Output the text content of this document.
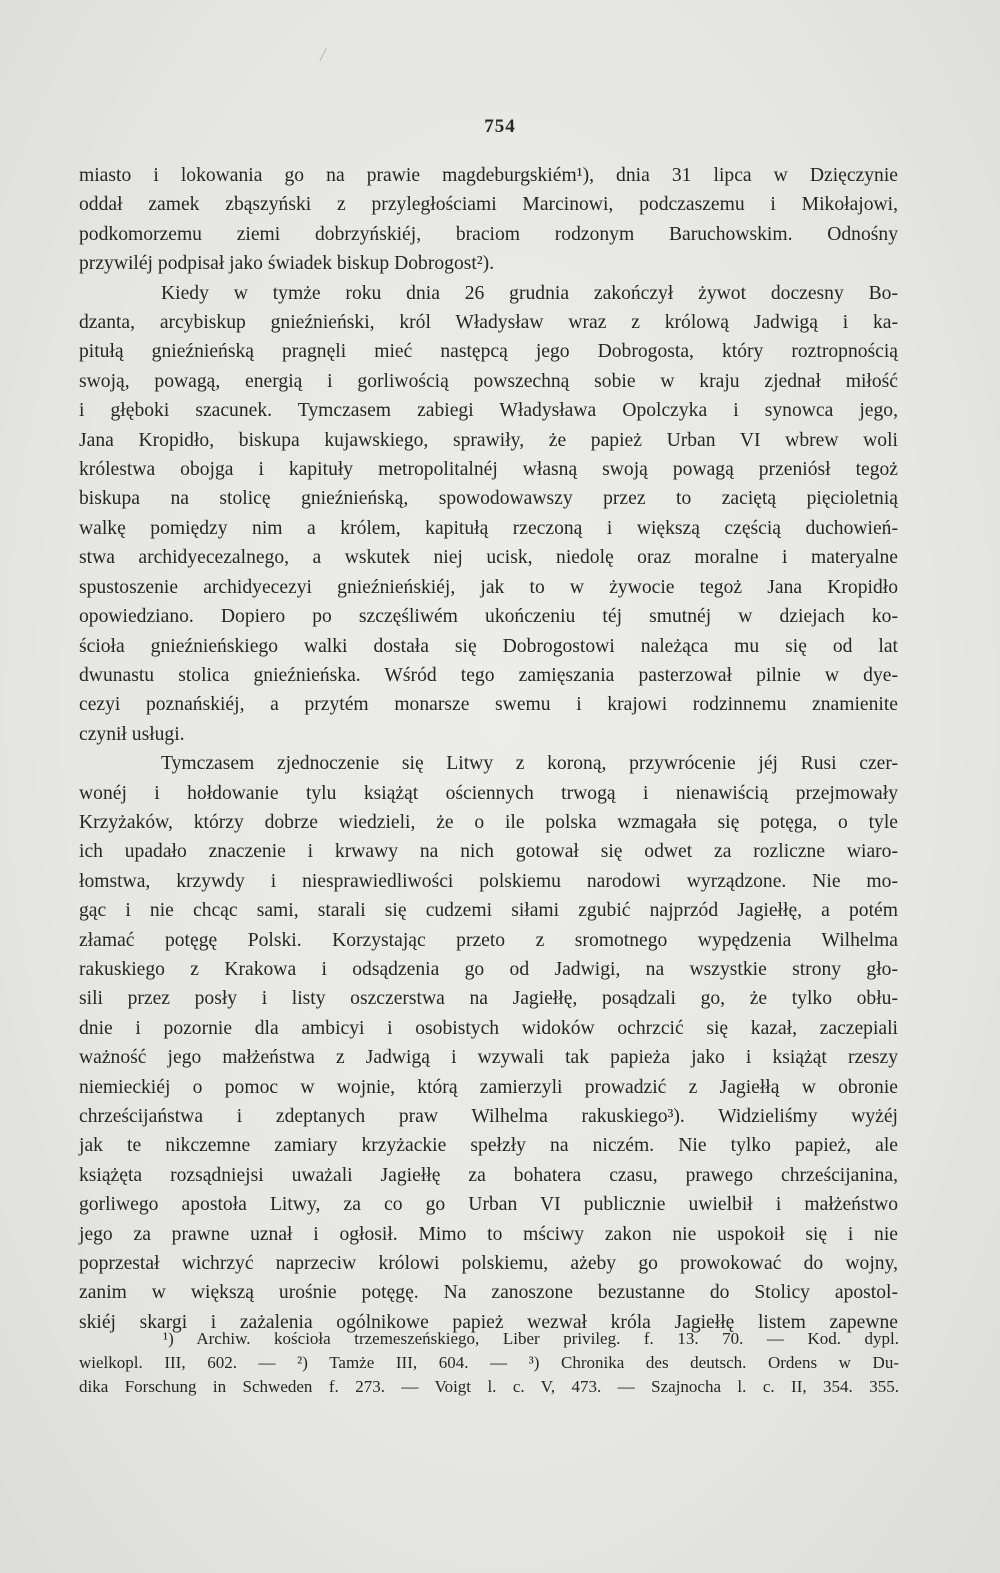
754
miasto i lokowania go na prawie magdeburgskiém¹), dnia 31 lipca w Dzięczynie
oddał zamek zbąszyński z przyległościami Marcinowi, podczaszemu i Mikołajowi,
podkomorzemu ziemi dobrzyńskiéj, braciom rodzonym Baruchowskim. Odnośny
przywiléj podpisał jako świadek biskup Dobrogost²).
Kiedy w tymże roku dnia 26 grudnia zakończył żywot doczesny Bo-
dzanta, arcybiskup gnieźnieński, król Władysław wraz z królową Jadwigą i ka-
pitułą gnieźnieńską pragnęli mieć następcą jego Dobrogosta, który roztropnością
swoją, powagą, energią i gorliwością powszechną sobie w kraju zjednał miłość
i głęboki szacunek. Tymczasem zabiegi Władysława Opolczyka i synowca jego,
Jana Kropidło, biskupa kujawskiego, sprawiły, że papież Urban VI wbrew woli
królestwa obojga i kapituły metropolitalnéj własną swoją powagą przeniósł tegoż
biskupa na stolicę gnieźnieńską, spowodowawszy przez to zaciętą pięcioletnią
walkę pomiędzy nim a królem, kapitułą rzeczoną i większą częścią duchowień-
stwa archidyecezalnego, a wskutek niej ucisk, niedolę oraz moralne i materyalne
spustoszenie archidyecezyi gnieźnieńskiéj, jak to w żywocie tegoż Jana Kropidło
opowiedziano. Dopiero po szczęśliwém ukończeniu téj smutnéj w dziejach ko-
ścioła gnieźnieńskiego walki dostała się Dobrogostowi należąca mu się od lat
dwunastu stolica gnieźnieńska. Wśród tego zamięszania pasterzował pilnie w dye-
cezyi poznańskiéj, a przytém monarsze swemu i krajowi rodzinnemu znamienite
czynił usługi.
Tymczasem zjednoczenie się Litwy z koroną, przywrócenie jéj Rusi czer-
wonéj i hołdowanie tylu książąt ościennych trwogą i nienawiścią przejmowały
Krzyżaków, którzy dobrze wiedzieli, że o ile polska wzmagała się potęga, o tyle
ich upadało znaczenie i krwawy na nich gotował się odwet za rozliczne wiaro-
łomstwa, krzywdy i niesprawiedliwości polskiemu narodowi wyrządzone. Nie mo-
gąc i nie chcąc sami, starali się cudzemi siłami zgubić najprzód Jagiełłę, a potém
złamać potęgę Polski. Korzystając przeto z sromotnego wypędzenia Wilhelma
rakuskiego z Krakowa i odsądzenia go od Jadwigi, na wszystkie strony gło-
sili przez posły i listy oszczerstwa na Jagiełłę, posądzali go, że tylko obłu-
dnie i pozornie dla ambicyi i osobistych widoków ochrzcić się kazał, zaczepiali
ważność jego małżeństwa z Jadwigą i wzywali tak papieża jako i książąt rzeszy
niemieckiéj o pomoc w wojnie, którą zamierzyli prowadzić z Jagiełłą w obronie
chrześcijaństwa i zdeptanych praw Wilhelma rakuskiego³). Widzieliśmy wyżéj
jak te nikczemne zamiary krzyżackie spełzły na niczém. Nie tylko papież, ale
książęta rozsądniejsi uważali Jagiełłę za bohatera czasu, prawego chrześcijanina,
gorliwego apostoła Litwy, za co go Urban VI publicznie uwielbił i małżeństwo
jego za prawne uznał i ogłosił. Mimo to mściwy zakon nie uspokoił się i nie
poprzestał wichrzyć naprzeciw królowi polskiemu, ażeby go prowokować do wojny,
zanim w większą urośnie potęgę. Na zanoszone bezustanne do Stolicy apostol-
skiéj skargi i zażalenia ogólnikowe papież wezwał króla Jagiełłę listem zapewne
¹) Archiw. kościoła trzemeszeńskiego, Liber privileg. f. 13. 70. — Kod. dypl.
wielkopl. III, 602. — ²) Tamże III, 604. — ³) Chronika des deutsch. Ordens w Du-
dika Forschung in Schweden f. 273. — Voigt l. c. V, 473. — Szajnocha l. c. II, 354. 355.
